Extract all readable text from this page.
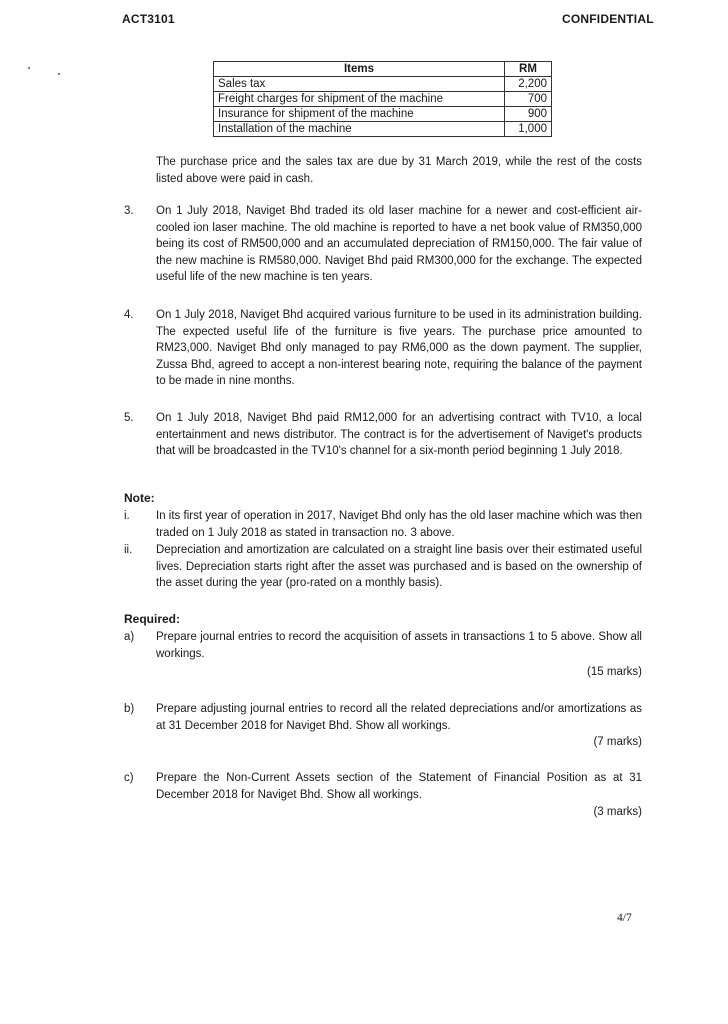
ACT3101	CONFIDENTIAL
Items	RM
Sales tax	2,200
Freight charges for shipment of the machine	700
Insurance for shipment of the machine	900
Installation of the machine	1,000

The purchase price and the sales tax are due by 31 March 2019, while the rest of the costs listed above were paid in cash.

3. On 1 July 2018, Naviget Bhd traded its old laser machine for a newer and cost-efficient air-cooled ion laser machine. The old machine is reported to have a net book value of RM350,000 being its cost of RM500,000 and an accumulated depreciation of RM150,000. The fair value of the new machine is RM580,000. Naviget Bhd paid RM300,000 for the exchange. The expected useful life of the new machine is ten years.

4. On 1 July 2018, Naviget Bhd acquired various furniture to be used in its administration building. The expected useful life of the furniture is five years. The purchase price amounted to RM23,000. Naviget Bhd only managed to pay RM6,000 as the down payment. The supplier, Zussa Bhd, agreed to accept a non-interest bearing note, requiring the balance of the payment to be made in nine months.

5. On 1 July 2018, Naviget Bhd paid RM12,000 for an advertising contract with TV10, a local entertainment and news distributor. The contract is for the advertisement of Naviget's products that will be broadcasted in the TV10's channel for a six-month period beginning 1 July 2018.

Note:
i. In its first year of operation in 2017, Naviget Bhd only has the old laser machine which was then traded on 1 July 2018 as stated in transaction no. 3 above.

ii. Depreciation and amortization are calculated on a straight line basis over their estimated useful lives. Depreciation starts right after the asset was purchased and is based on the ownership of the asset during the year (pro-rated on a monthly basis).

Required:
a) Prepare journal entries to record the acquisition of assets in transactions 1 to 5 above. Show all workings.

(15 marks)
b) Prepare adjusting journal entries to record all the related depreciations and/or amortizations as at 31 December 2018 for Naviget Bhd. Show all workings.

(7 marks)
c) Prepare the Non-Current Assets section of the Statement of Financial Position as at 31 December 2018 for Naviget Bhd. Show all workings.

(3 marks)
4/7
